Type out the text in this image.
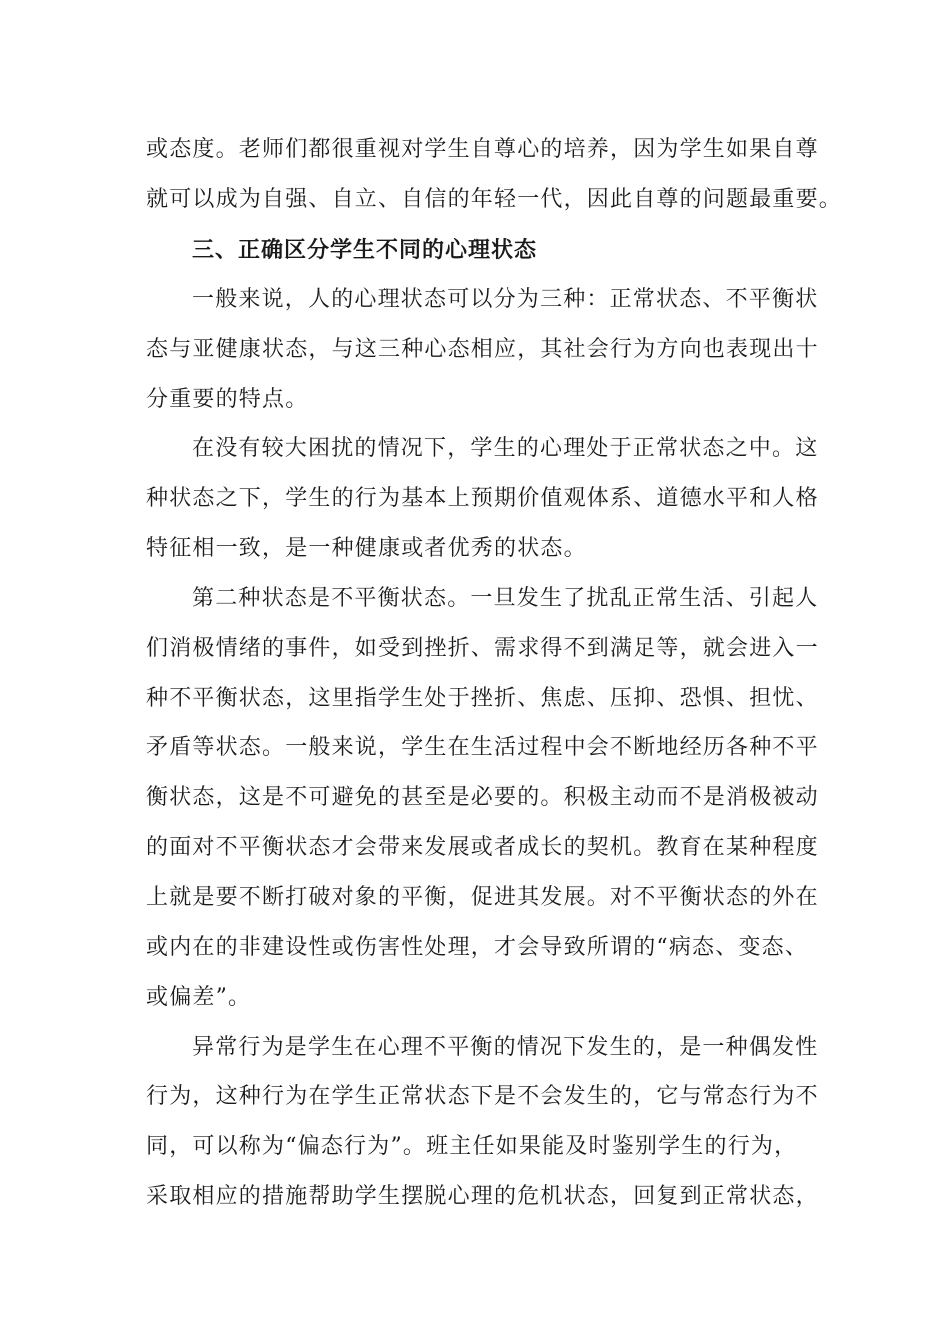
或态度。老师们都很重视对学生自尊心的培养，因为学生如果自尊
就可以成为自强、自立、自信的年轻一代，因此自尊的问题最重要。
三、正确区分学生不同的心理状态
一般来说，人的心理状态可以分为三种：正常状态、不平衡状
态与亚健康状态，与这三种心态相应，其社会行为方向也表现出十
分重要的特点。
在没有较大困扰的情况下，学生的心理处于正常状态之中。这
种状态之下，学生的行为基本上预期价值观体系、道德水平和人格
特征相一致，是一种健康或者优秀的状态。
第二种状态是不平衡状态。一旦发生了扰乱正常生活、引起人
们消极情绪的事件，如受到挫折、需求得不到满足等，就会进入一
种不平衡状态，这里指学生处于挫折、焦虑、压抑、恐惧、担忧、
矛盾等状态。一般来说，学生在生活过程中会不断地经历各种不平
衡状态，这是不可避免的甚至是必要的。积极主动而不是消极被动
的面对不平衡状态才会带来发展或者成长的契机。教育在某种程度
上就是要不断打破对象的平衡，促进其发展。对不平衡状态的外在
或内在的非建设性或伤害性处理，才会导致所谓的“病态、变态、
或偏差”。
异常行为是学生在心理不平衡的情况下发生的，是一种偶发性
行为，这种行为在学生正常状态下是不会发生的，它与常态行为不
同，可以称为“偏态行为”。班主任如果能及时鉴别学生的行为，
采取相应的措施帮助学生摆脱心理的危机状态，回复到正常状态，
